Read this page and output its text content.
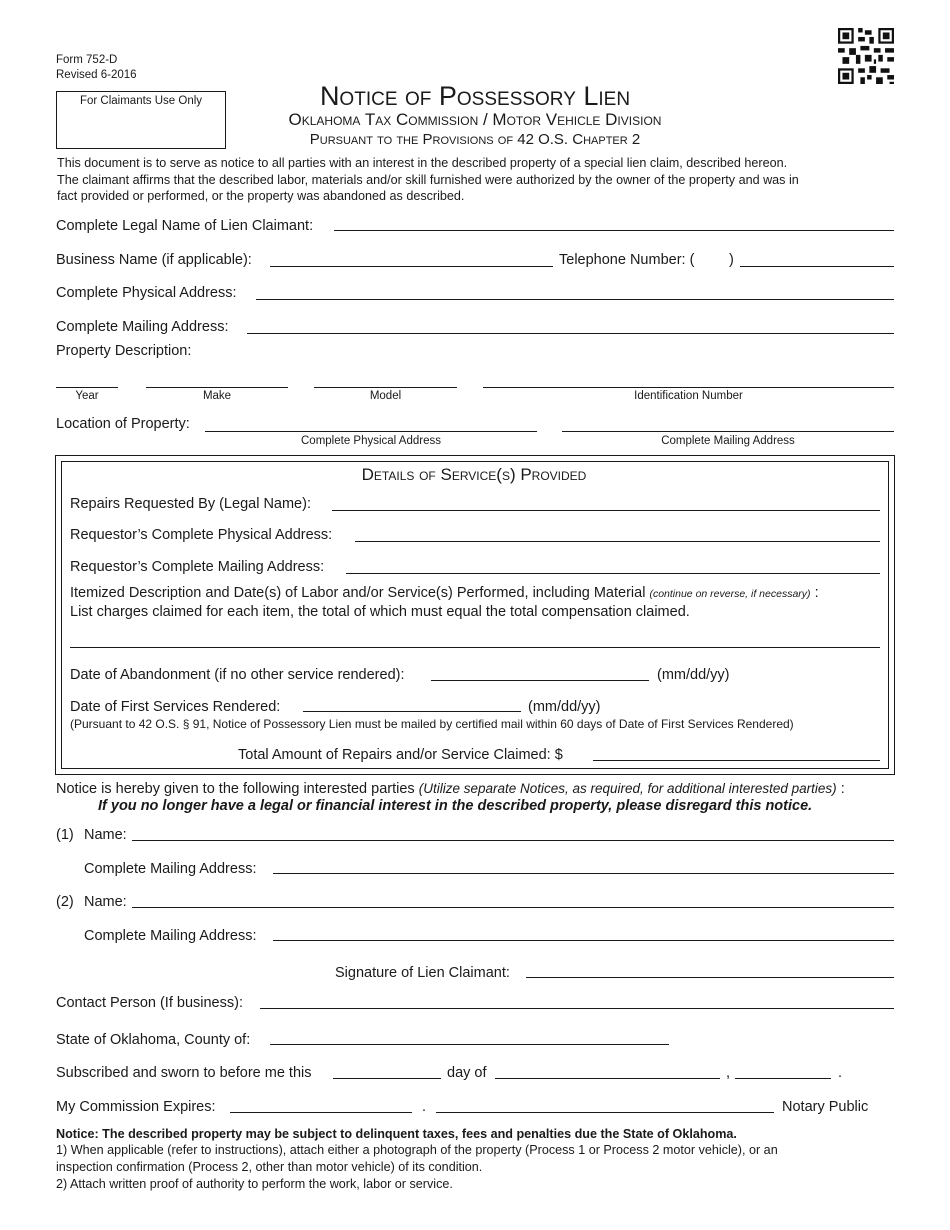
Form 752-D
Revised 6-2016
For Claimants Use Only	Notice of Possessory Lien
Oklahoma Tax Commission / Motor Vehicle Division
Pursuant to the Provisions of 42 O.S. Chapter 2
This document is to serve as notice to all parties with an interest in the described property of a special lien claim, described hereon.
The claimant affirms that the described labor, materials and/or skill furnished were authorized by the owner of the property and was in
fact provided or performed, or the property was abandoned as described.
Complete Legal Name of Lien Claimant:
Business Name (if applicable):	Telephone Number: ( )
Complete Physical Address:
Complete Mailing Address:
Property Description:
Year	Make	Model	Identification Number
Location of Property:
Complete Physical Address	Complete Mailing Address
Details of Service(s) Provided
Repairs Requested By (Legal Name):
Requestor’s Complete Physical Address:
Requestor’s Complete Mailing Address:
Itemized Description and Date(s) of Labor and/or Service(s) Performed, including Material (continue on reverse, if necessary) :
List charges claimed for each item, the total of which must equal the total compensation claimed.
Date of Abandonment (if no other service rendered):	(mm/dd/yy)
Date of First Services Rendered:	(mm/dd/yy)
(Pursuant to 42 O.S. § 91, Notice of Possessory Lien must be mailed by certified mail within 60 days of Date of First Services Rendered)
Total Amount of Repairs and/or Service Claimed: $
Notice is hereby given to the following interested parties (Utilize separate Notices, as required, for additional interested parties) :
If you no longer have a legal or financial interest in the described property, please disregard this notice.
(1) Name:
Complete Mailing Address:
(2) Name:
Complete Mailing Address:
Signature of Lien Claimant:
Contact Person (If business):
State of Oklahoma, County of:
Subscribed and sworn to before me this	day of	,	.
My Commission Expires:	.	Notary Public
Notice: The described property may be subject to delinquent taxes, fees and penalties due the State of Oklahoma.
1) When applicable (refer to instructions), attach either a photograph of the property (Process 1 or Process 2 motor vehicle), or an
inspection confirmation (Process 2, other than motor vehicle) of its condition.
2) Attach written proof of authority to perform the work, labor or service.
